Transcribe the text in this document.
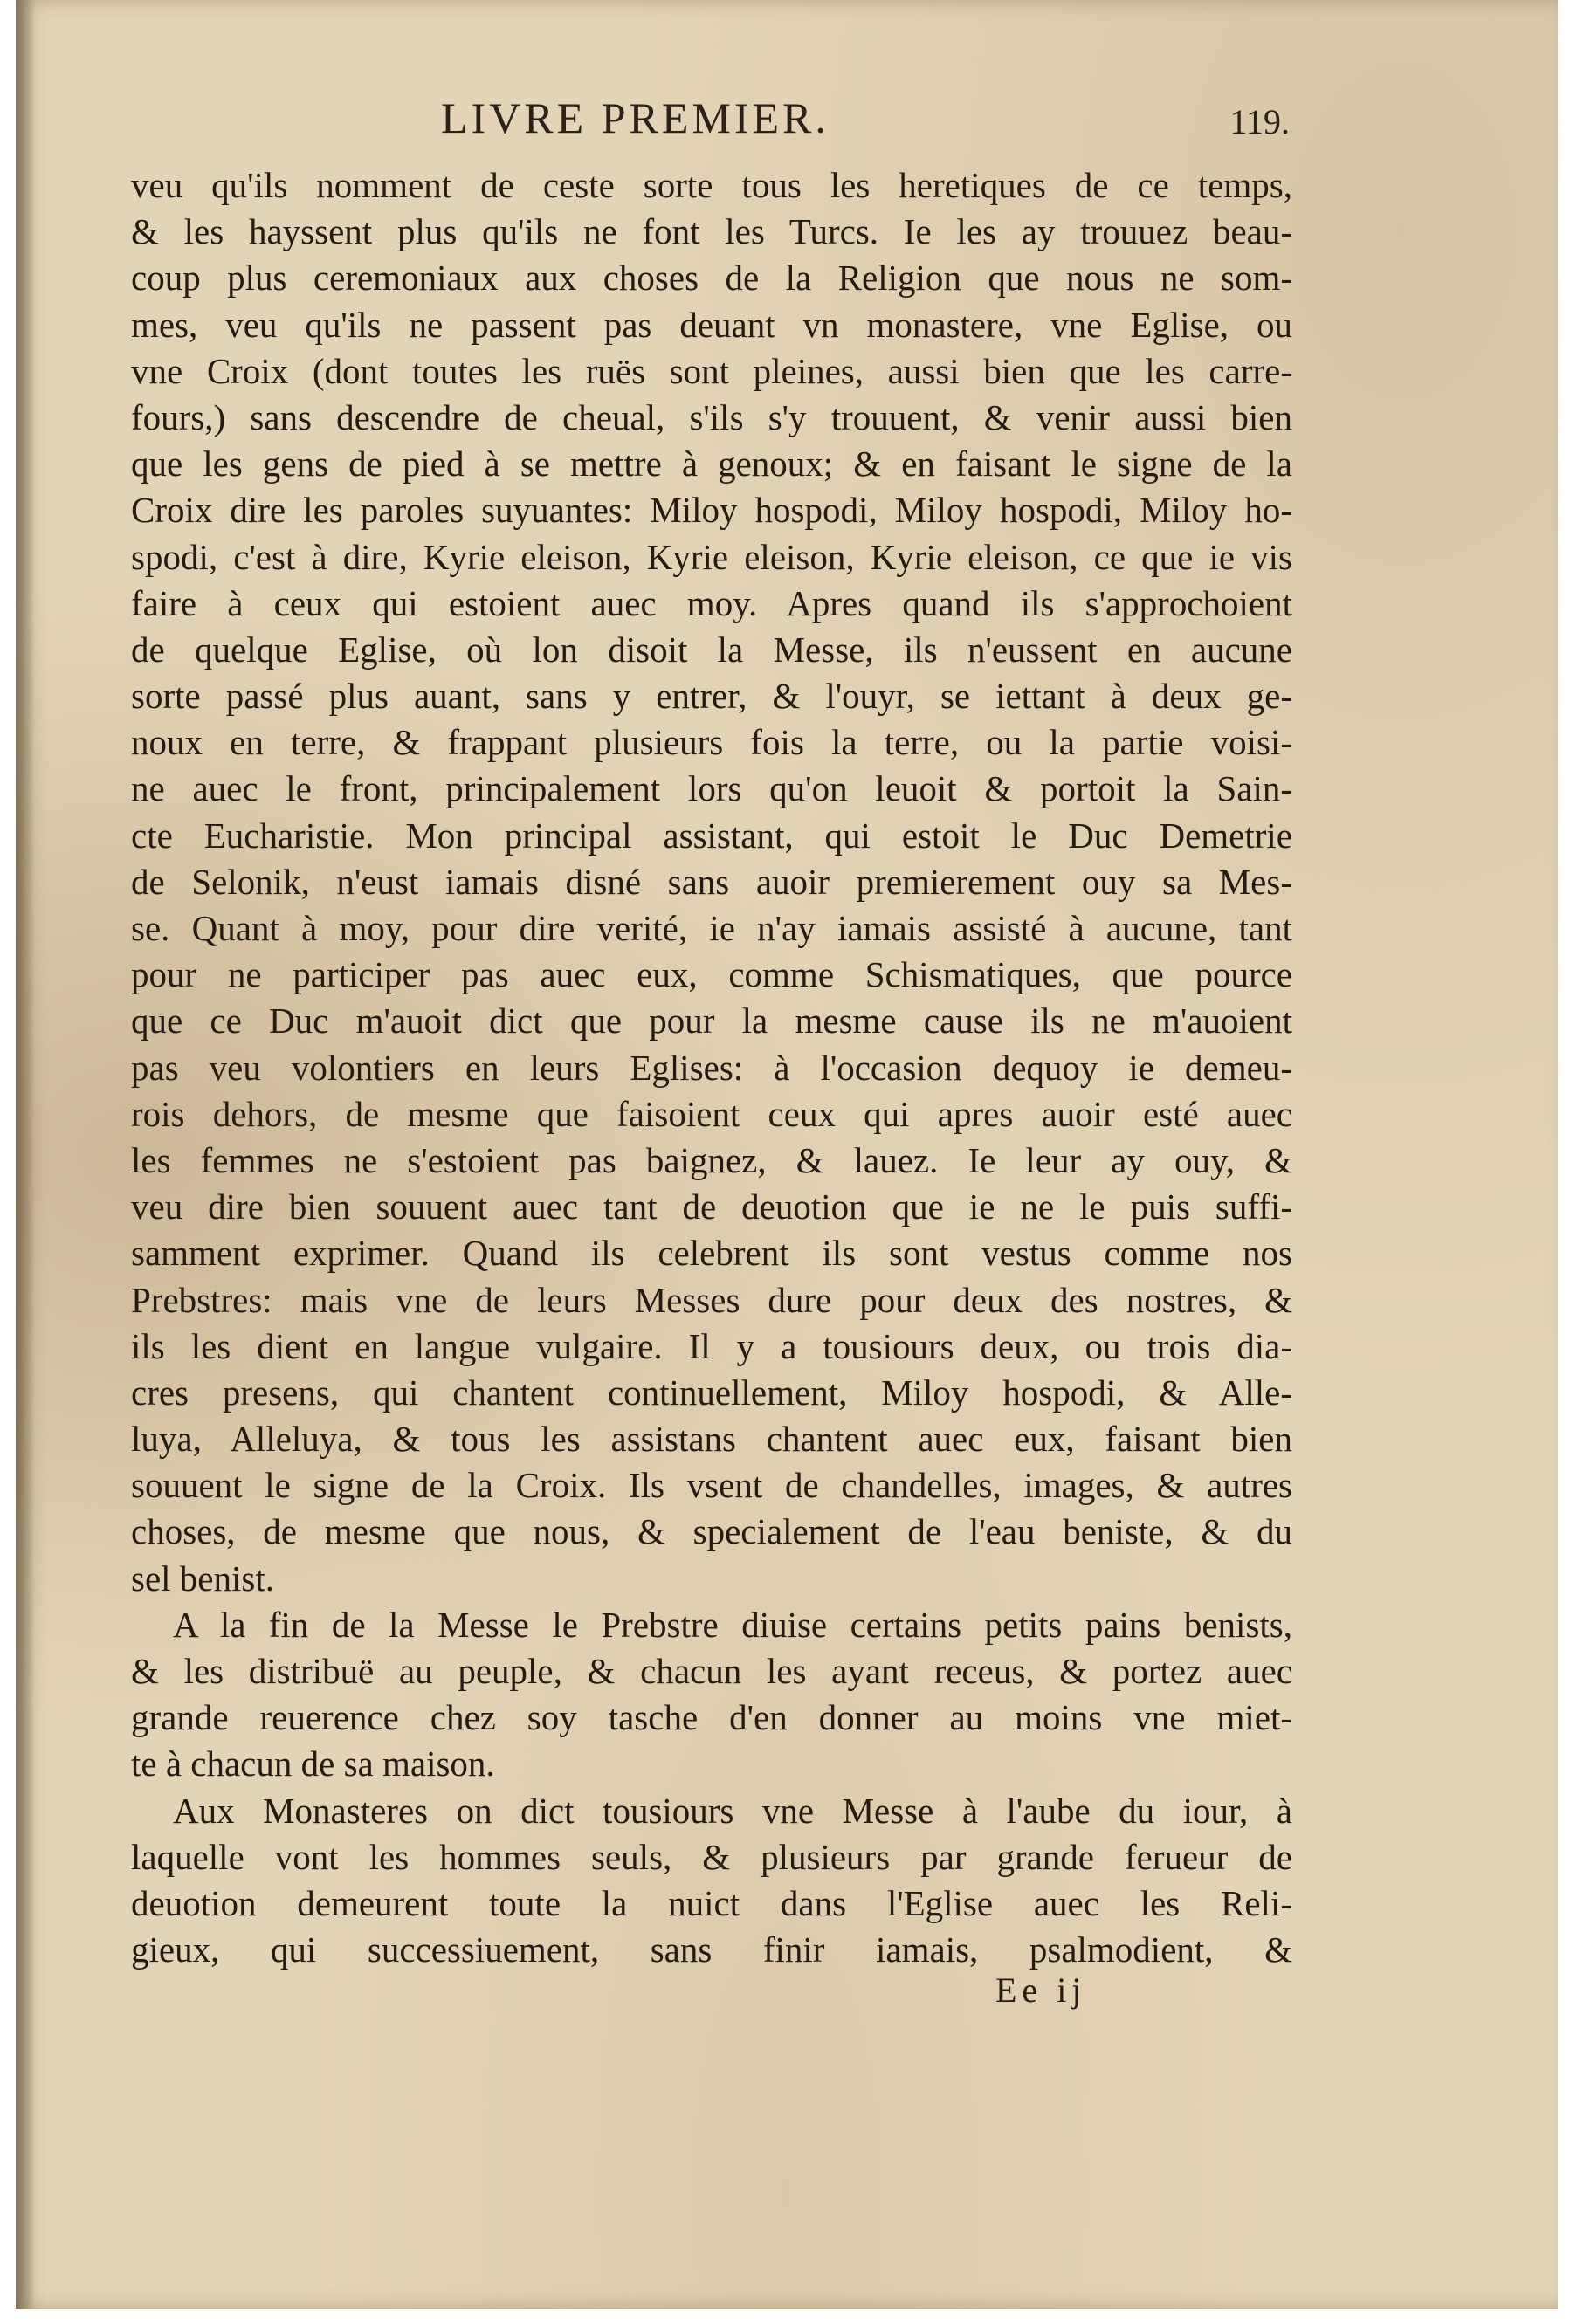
LIVRE PREMIER.	119.
veu qu'ils nomment de ceste sorte tous les heretiques de ce temps,
& les hayssent plus qu'ils ne font les Turcs. Ie les ay trouuez beau-
coup plus ceremoniaux aux choses de la Religion que nous ne som-
mes, veu qu'ils ne passent pas deuant vn monastere, vne Eglise, ou
vne Croix (dont toutes les ruës sont pleines, aussi bien que les carre-
fours,) sans descendre de cheual, s'ils s'y trouuent, & venir aussi bien
que les gens de pied à se mettre à genoux; & en faisant le signe de la
Croix dire les paroles suyuantes: Miloy hospodi, Miloy hospodi, Miloy ho-
spodi, c'est à dire, Kyrie eleison, Kyrie eleison, Kyrie eleison, ce que ie vis
faire à ceux qui estoient auec moy. Apres quand ils s'approchoient
de quelque Eglise, où lon disoit la Messe, ils n'eussent en aucune
sorte passé plus auant, sans y entrer, & l'ouyr, se iettant à deux ge-
noux en terre, & frappant plusieurs fois la terre, ou la partie voisi-
ne auec le front, principalement lors qu'on leuoit & portoit la Sain-
cte Eucharistie. Mon principal assistant, qui estoit le Duc Demetrie
de Selonik, n'eust iamais disné sans auoir premierement ouy sa Mes-
se. Quant à moy, pour dire verité, ie n'ay iamais assisté à aucune, tant
pour ne participer pas auec eux, comme Schismatiques, que pource
que ce Duc m'auoit dict que pour la mesme cause ils ne m'auoient
pas veu volontiers en leurs Eglises: à l'occasion dequoy ie demeu-
rois dehors, de mesme que faisoient ceux qui apres auoir esté auec
les femmes ne s'estoient pas baignez, & lauez. Ie leur ay ouy, &
veu dire bien souuent auec tant de deuotion que ie ne le puis suffi-
samment exprimer. Quand ils celebrent ils sont vestus comme nos
Prebstres: mais vne de leurs Messes dure pour deux des nostres, &
ils les dient en langue vulgaire. Il y a tousiours deux, ou trois dia-
cres presens, qui chantent continuellement, Miloy hospodi, & Alle-
luya, Alleluya, & tous les assistans chantent auec eux, faisant bien
souuent le signe de la Croix. Ils vsent de chandelles, images, & autres
choses, de mesme que nous, & specialement de l'eau beniste, & du
sel benist.
A la fin de la Messe le Prebstre diuise certains petits pains benists,
& les distribuë au peuple, & chacun les ayant receus, & portez auec
grande reuerence chez soy tasche d'en donner au moins vne miet-
te à chacun de sa maison.
Aux Monasteres on dict tousiours vne Messe à l'aube du iour, à
laquelle vont les hommes seuls, & plusieurs par grande ferueur de
deuotion demeurent toute la nuict dans l'Eglise auec les Reli-
gieux, qui successiuement, sans finir iamais, psalmodient, &
Ee ij
